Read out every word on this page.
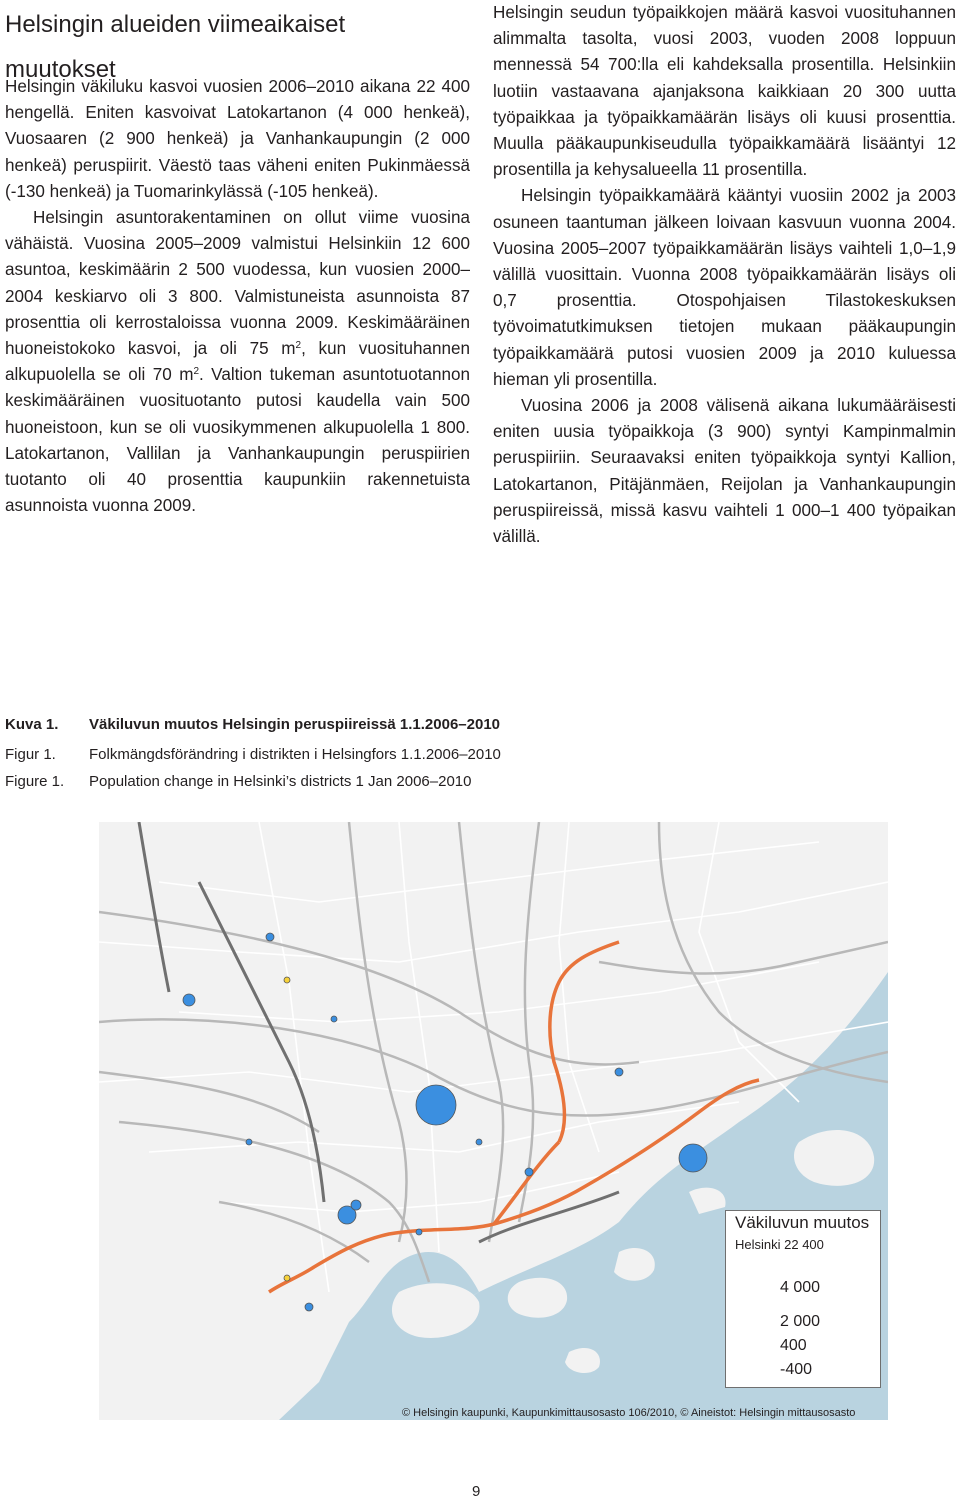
Helsingin alueiden viimeaikaiset
muutokset

Helsingin väkiluku kasvoi vuosien 2006–2010 aikana 22 400 hengellä. Eniten kasvoivat Latokartanon (4 000 henkeä), Vuosaaren (2 900 henkeä) ja Vanhankaupungin (2 000 henkeä) peruspiirit. Väestö taas väheni eniten Pukinmäessä (-130 henkeä) ja Tuomarinkylässä (-105 henkeä).

Helsingin asuntorakentaminen on ollut viime vuosina vähäistä. Vuosina 2005–2009 valmistui Helsinkiin 12 600 asuntoa, keskimäärin 2 500 vuodessa, kun vuosien 2000–2004 keskiarvo oli 3 800. Valmistuneista asunnoista 87 prosenttia oli kerrostaloissa vuonna 2009. Keskimääräinen huoneistokoko kasvoi, ja oli 75 $m^2$, kun vuosituhannen alkupuolella se oli 70 $m^2$. Valtion tukeman asuntotuotannon keskimääräinen vuosituotanto putosi kaudella vain 500 huoneistoon, kun se oli vuosikymmenen alkupuolella 1 800. Latokartanon, Vallilan ja Vanhankaupungin peruspiirien tuotanto oli 40 prosenttia kaupunkiin rakennetuista asunnoista vuonna 2009.

Helsingin seudun työpaikkojen määrä kasvoi vuosituhannen alimmalta tasolta, vuosi 2003, vuoden 2008 loppuun mennessä 54 700:lla eli kahdeksalla prosentilla. Helsinkiin luotiin vastaavana ajanjaksona kaikkiaan 20 300 uutta työpaikkaa ja työpaikkamäärän lisäys oli kuusi prosenttia. Muulla pääkaupunkiseudulla työpaikkamäärä lisääntyi 12 prosentilla ja kehysalueella 11 prosentilla.

Helsingin työpaikkamäärä kääntyi vuosiin 2002 ja 2003 osuneen taantuman jälkeen loivaan kasvuun vuonna 2004. Vuosina 2005–2007 työpaikkamäärän lisäys vaihteli 1,0–1,9 välillä vuosittain. Vuonna 2008 työpaikkamäärän lisäys oli 0,7 prosenttia. Otospohjaisen Tilastokeskuksen työvoimatutkimuksen tietojen mukaan pääkaupungin työpaikkamäärä putosi vuosien 2009 ja 2010 kuluessa hieman yli prosentilla.

Vuosina 2006 ja 2008 välisenä aikana lukumääräisesti eniten uusia työpaikkoja (3 900) syntyi Kampinmalmin peruspiiriin. Seuraavaksi eniten työpaikkoja syntyi Kallion, Latokartanon, Pitäjänmäen, Reijolan ja Vanhankaupungin peruspiireissä, missä kasvu vaihteli 1 000–1 400 työpaikan välillä.

Kuva 1. Väkiluvun muutos Helsingin peruspiireissä 1.1.2006–2010
Figur 1. Folkmängdsförändring i distrikten i Helsingfors 1.1.2006–2010
Figure 1. Population change in Helsinki’s districts 1 Jan 2006–2010
Väkiluvun muutos
Helsinki 22 400
4 000
2 000
400
-400
© Helsingin kaupunki, Kaupunkimittausosasto 106/2010, © Aineistot: Helsingin mittausosasto
9
